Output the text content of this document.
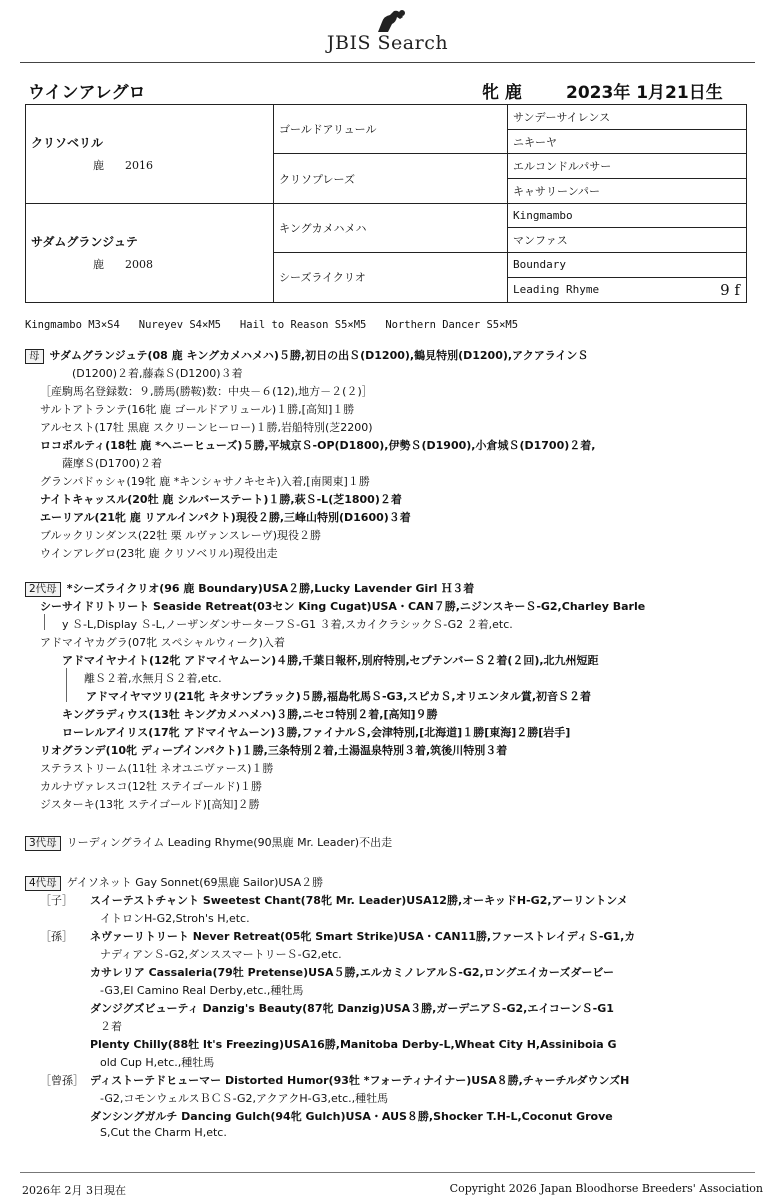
JBIS Search
ウインアレグロ	牝 鹿	2023年 1月21日生
クリソベリル
鹿 2016	ゴールドアリュール	サンデーサイレンス
		ニキーヤ
	クリソプレーズ	エルコンドルパサー
		キャサリーンパー

サダムグランジュテ
鹿 2008	キングカメハメハ	Kingmambo
		マンファス
	シーズライクリオ	Boundary
		Leading Rhyme 9 f
Kingmambo M3×S4   Nureyev S4×M5   Hail to Reason S5×M5   Northern Dancer S5×M5
母 サダムグランジュテ(08 鹿 キングカメハメハ)５勝,初日の出Ｓ(D1200),鶴見特別(D1200),アクアラインＳ
(D1200)２着,藤森Ｓ(D1200)３着
［産駒馬名登録数：９,勝馬(勝鞍)数：中央－６(12),地方－２(２)］
サルトアトランテ(16牝 鹿 ゴールドアリュール)１勝,[高知]１勝
アルセスト(17牡 黒鹿 スクリーンヒーロー)１勝,岩船特別(芝2200)
ロコポルティ(18牡 鹿 *ヘニーヒューズ)５勝,平城京Ｓ-OP(D1800),伊勢Ｓ(D1900),小倉城Ｓ(D1700)２着,
薩摩Ｓ(D1700)２着
グランパドゥシャ(19牝 鹿 *キンシャサノキセキ)入着,[南関東]１勝
ナイトキャッスル(20牡 鹿 シルバーステート)１勝,萩Ｓ-L(芝1800)２着
エーリアル(21牝 鹿 リアルインパクト)現役２勝,三峰山特別(D1600)３着
ブルックリンダンス(22牡 栗 ルヴァンスレーヴ)現役２勝
ウインアレグロ(23牝 鹿 クリソベリル)現役出走
2代母 *シーズライクリオ(96 鹿 Boundary)USA２勝,Lucky Lavender Girl Ｈ３着
シーサイドリトリート Seaside Retreat(03セン King Cugat)USA・CAN７勝,ニジンスキーＳ-G2,Charley Barle
y Ｓ-L,Display Ｓ-L,ノーザンダンサーターフＳ-G1 ３着,スカイクラシックＳ-G2 ２着,etc.
アドマイヤカグラ(07牝 スペシャルウィーク)入着
アドマイヤナイト(12牝 アドマイヤムーン)４勝,千葉日報杯,別府特別,セプテンバーＳ２着(２回),北九州短距
離Ｓ２着,水無月Ｓ２着,etc.
アドマイヤマツリ(21牝 キタサンブラック)５勝,福島牝馬Ｓ-G3,スピカＳ,オリエンタル賞,初音Ｓ２着
キングラディウス(13牡 キングカメハメハ)３勝,ニセコ特別２着,[高知]９勝
ローレルアイリス(17牝 アドマイヤムーン)３勝,ファイナルＳ,会津特別,[北海道]１勝[東海]２勝[岩手]
リオグランデ(10牝 ディープインパクト)１勝,三条特別２着,土湯温泉特別３着,筑後川特別３着
ステラストリーム(11牡 ネオユニヴァース)１勝
カルナヴァレスコ(12牡 ステイゴールド)１勝
ジスターキ(13牝 ステイゴールド)[高知]２勝
3代母 リーディングライム Leading Rhyme(90黒鹿 Mr. Leader)不出走
4代母 ゲイソネット Gay Sonnet(69黒鹿 Sailor)USA２勝
［子］ スイーテストチャント Sweetest Chant(78牝 Mr. Leader)USA12勝,オーキッドH-G2,アーリントンメ
イトロンH-G2,Stroh's H,etc.
［孫］ ネヴァーリトリート Never Retreat(05牝 Smart Strike)USA・CAN11勝,ファーストレイディＳ-G1,カ
ナディアンＳ-G2,ダンススマートリーＳ-G2,etc.
カサレリア Cassaleria(79牡 Pretense)USA５勝,エルカミノレアルＳ-G2,ロングエイカーズダービー
-G3,El Camino Real Derby,etc.,種牡馬
ダンジグズビューティ Danzig's Beauty(87牝 Danzig)USA３勝,ガーデニアＳ-G2,エイコーンＳ-G1
２着
Plenty Chilly(88牡 It's Freezing)USA16勝,Manitoba Derby-L,Wheat City H,Assiniboia G
old Cup H,etc.,種牡馬
［曾孫］ ディストーテドヒューマー Distorted Humor(93牡 *フォーティナイナー)USA８勝,チャーチルダウンズH
-G2,コモンウェルスＢＣＳ-G2,アクアクH-G3,etc.,種牡馬
ダンシングガルチ Dancing Gulch(94牝 Gulch)USA・AUS８勝,Shocker T.H-L,Coconut Grove
S,Cut the Charm H,etc.
2026年 2月 3日現在	Copyright 2026 Japan Bloodhorse Breeders' Association
